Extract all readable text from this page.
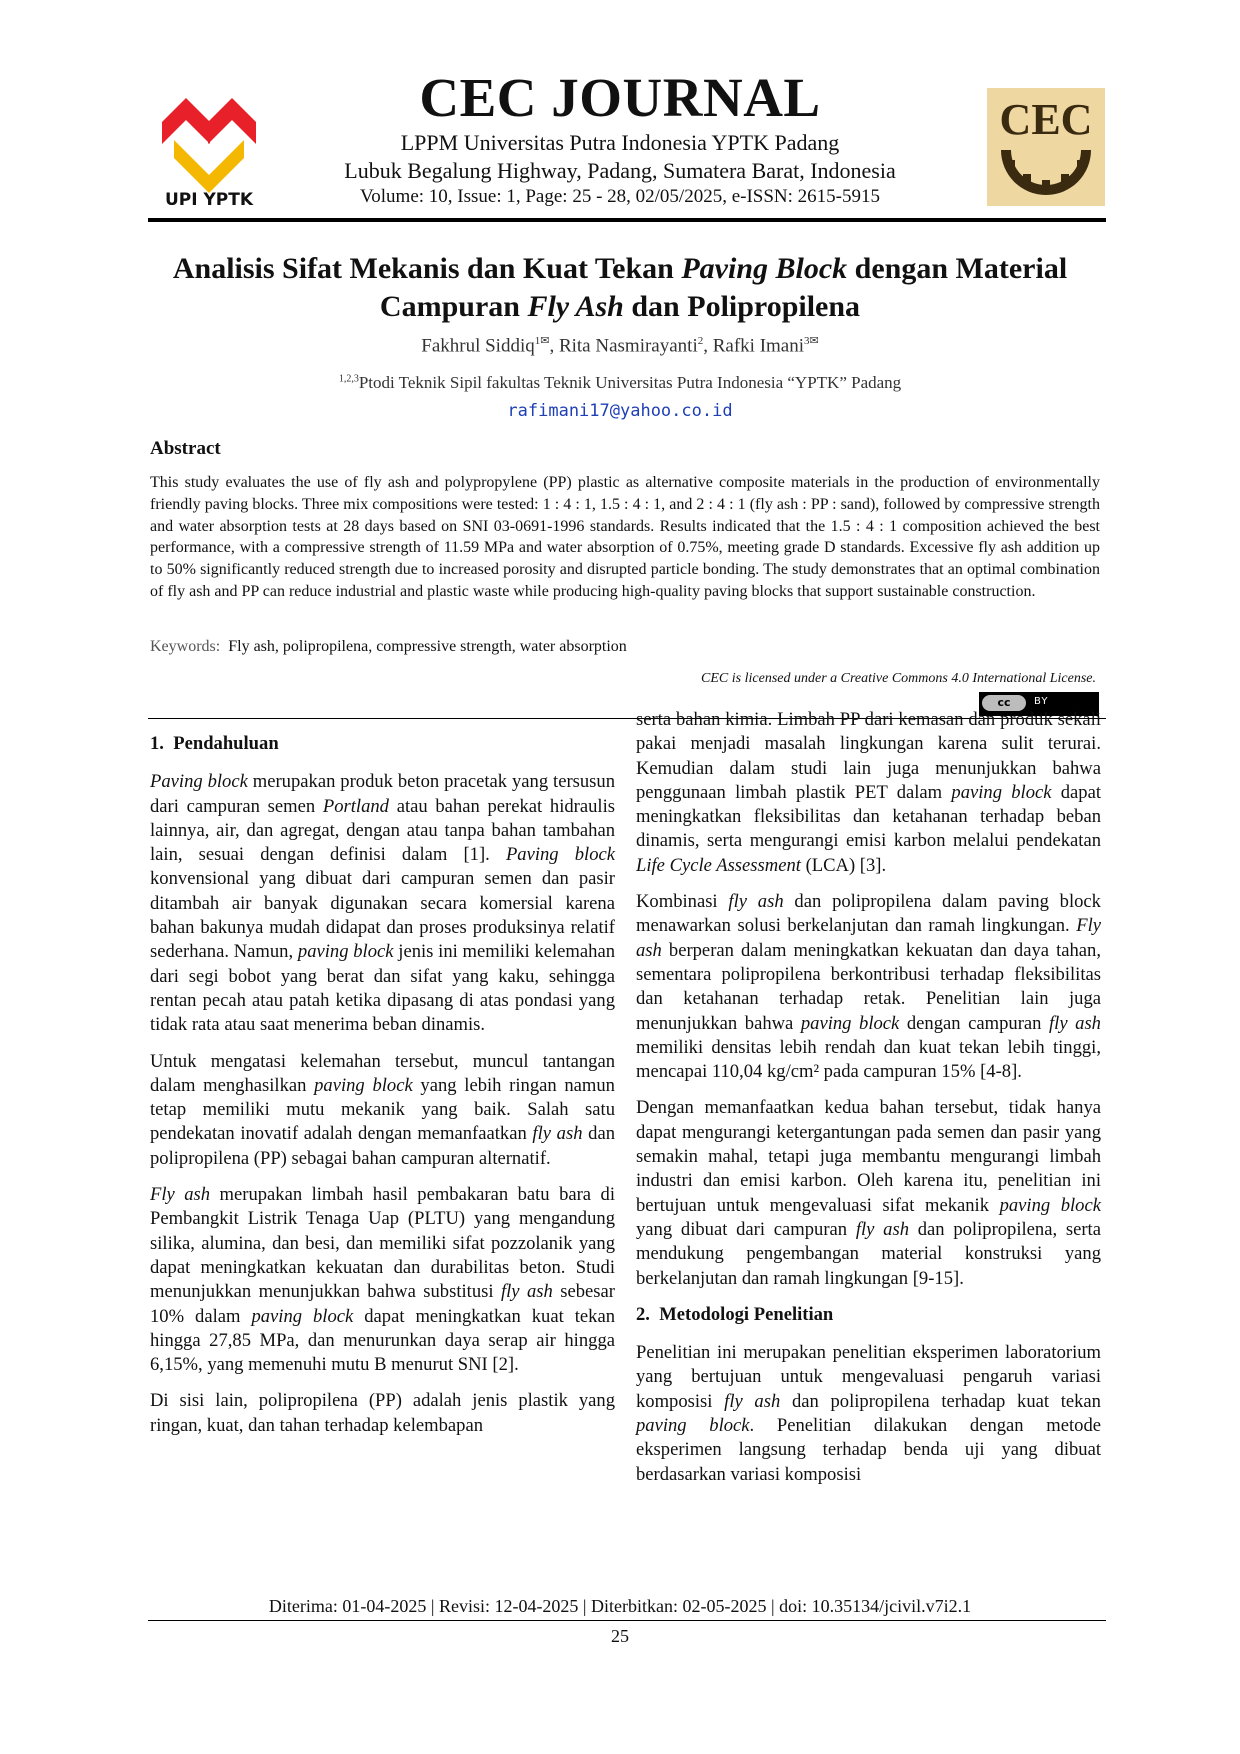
UPI YPTK
CEC JOURNAL
LPPM Universitas Putra Indonesia YPTK Padang
Lubuk Begalung Highway, Padang, Sumatera Barat, Indonesia
Volume: 10, Issue: 1, Page: 25 - 28, 02/05/2025, e-ISSN: 2615-5915
CEC
Analisis Sifat Mekanis dan Kuat Tekan Paving Block dengan Material
Campuran Fly Ash dan Polipropilena
Fakhrul Siddiq$^{1✉}$, Rita Nasmirayanti$^2$, Rafki Imani$^{3✉}$
$^{1,2,3}$Ptodi Teknik Sipil fakultas Teknik Universitas Putra Indonesia “YPTK” Padang
rafimani17@yahoo.co.id
Abstract
This study evaluates the use of fly ash and polypropylene (PP) plastic as alternative composite materials in the production of environmentally friendly paving blocks. Three mix compositions were tested: 1 : 4 : 1, 1.5 : 4 : 1, and 2 : 4 : 1 (fly ash : PP : sand), followed by compressive strength and water absorption tests at 28 days based on SNI 03-0691-1996 standards. Results indicated that the 1.5 : 4 : 1 composition achieved the best performance, with a compressive strength of 11.59 MPa and water absorption of 0.75%, meeting grade D standards. Excessive fly ash addition up to 50% significantly reduced strength due to increased porosity and disrupted particle bonding. The study demonstrates that an optimal combination of fly ash and PP can reduce industrial and plastic waste while producing high-quality paving blocks that support sustainable construction.
Keywords: Fly ash, polipropilena, compressive strength, water absorption
CEC is licensed under a Creative Commons 4.0 International License.
cc	BY
1.  Pendahuluan

Paving block merupakan produk beton pracetak yang tersusun dari campuran semen Portland atau bahan perekat hidraulis lainnya, air, dan agregat, dengan atau tanpa bahan tambahan lain, sesuai dengan definisi dalam [1]. Paving block konvensional yang dibuat dari campuran semen dan pasir ditambah air banyak digunakan secara komersial karena bahan bakunya mudah didapat dan proses produksinya relatif sederhana. Namun, paving block jenis ini memiliki kelemahan dari segi bobot yang berat dan sifat yang kaku, sehingga rentan pecah atau patah ketika dipasang di atas pondasi yang tidak rata atau saat menerima beban dinamis.

Untuk mengatasi kelemahan tersebut, muncul tantangan dalam menghasilkan paving block yang lebih ringan namun tetap memiliki mutu mekanik yang baik. Salah satu pendekatan inovatif adalah dengan memanfaatkan fly ash dan polipropilena (PP) sebagai bahan campuran alternatif.

Fly ash merupakan limbah hasil pembakaran batu bara di Pembangkit Listrik Tenaga Uap (PLTU) yang mengandung silika, alumina, dan besi, dan memiliki sifat pozzolanik yang dapat meningkatkan kekuatan dan durabilitas beton. Studi menunjukkan menunjukkan bahwa substitusi fly ash sebesar 10% dalam paving block dapat meningkatkan kuat tekan hingga 27,85 MPa, dan menurunkan daya serap air hingga 6,15%, yang memenuhi mutu B menurut SNI [2].

Di sisi lain, polipropilena (PP) adalah jenis plastik yang ringan, kuat, dan tahan terhadap kelembapan

serta bahan kimia. Limbah PP dari kemasan dan produk sekali pakai menjadi masalah lingkungan karena sulit terurai. Kemudian dalam studi lain juga menunjukkan bahwa penggunaan limbah plastik PET dalam paving block dapat meningkatkan fleksibilitas dan ketahanan terhadap beban dinamis, serta mengurangi emisi karbon melalui pendekatan Life Cycle Assessment (LCA) [3].

Kombinasi fly ash dan polipropilena dalam paving block menawarkan solusi berkelanjutan dan ramah lingkungan. Fly ash berperan dalam meningkatkan kekuatan dan daya tahan, sementara polipropilena berkontribusi terhadap fleksibilitas dan ketahanan terhadap retak. Penelitian lain juga menunjukkan bahwa paving block dengan campuran fly ash memiliki densitas lebih rendah dan kuat tekan lebih tinggi, mencapai 110,04 kg/cm² pada campuran 15% [4-8].

Dengan memanfaatkan kedua bahan tersebut, tidak hanya dapat mengurangi ketergantungan pada semen dan pasir yang semakin mahal, tetapi juga membantu mengurangi limbah industri dan emisi karbon. Oleh karena itu, penelitian ini bertujuan untuk mengevaluasi sifat mekanik paving block yang dibuat dari campuran fly ash dan polipropilena, serta mendukung pengembangan material konstruksi yang berkelanjutan dan ramah lingkungan [9-15].

2.  Metodologi Penelitian

Penelitian ini merupakan penelitian eksperimen laboratorium yang bertujuan untuk mengevaluasi pengaruh variasi komposisi fly ash dan polipropilena terhadap kuat tekan paving block. Penelitian dilakukan dengan metode eksperimen langsung terhadap benda uji yang dibuat berdasarkan variasi komposisi

Diterima: 01-04-2025 | Revisi: 12-04-2025 | Diterbitkan: 02-05-2025 | doi: 10.35134/jcivil.v7i2.1
25
